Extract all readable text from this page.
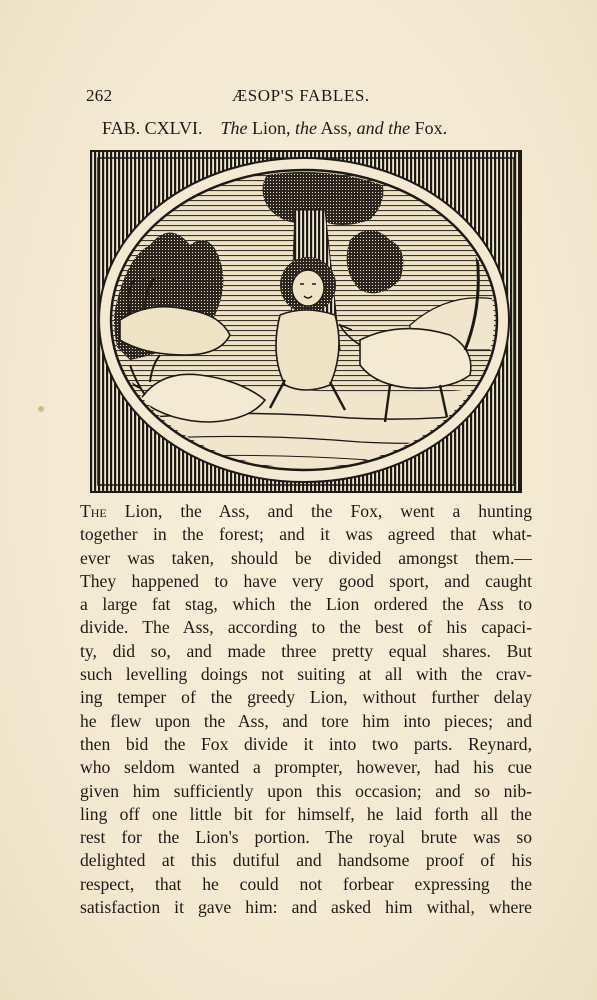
262	ÆSOP'S FABLES.
FAB. CXLVI. The Lion, the Ass, and the Fox.
The Lion, the Ass, and the Fox, went a hunting
together in the forest; and it was agreed that what-
ever was taken, should be divided amongst them.—
They happened to have very good sport, and caught
a large fat stag, which the Lion ordered the Ass to
divide. The Ass, according to the best of his capaci-
ty, did so, and made three pretty equal shares. But
such levelling doings not suiting at all with the crav-
ing temper of the greedy Lion, without further delay
he flew upon the Ass, and tore him into pieces; and
then bid the Fox divide it into two parts. Reynard,
who seldom wanted a prompter, however, had his cue
given him sufficiently upon this occasion; and so nib-
ling off one little bit for himself, he laid forth all the
rest for the Lion's portion. The royal brute was so
delighted at this dutiful and handsome proof of his
respect, that he could not forbear expressing the
satisfaction it gave him: and asked him withal, where
